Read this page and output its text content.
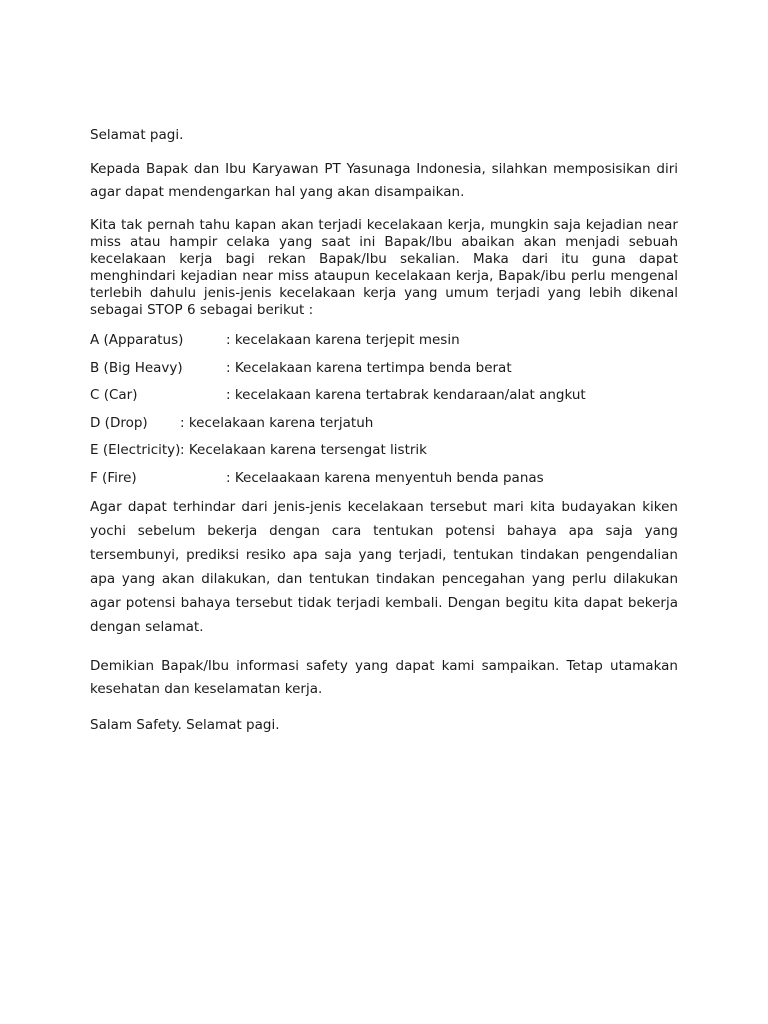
Selamat pagi.

Kepada Bapak dan Ibu Karyawan PT Yasunaga Indonesia, silahkan memposisikan diri agar dapat mendengarkan hal yang akan disampaikan.

Kita tak pernah tahu kapan akan terjadi kecelakaan kerja, mungkin saja kejadian near miss atau hampir celaka yang saat ini Bapak/Ibu abaikan akan menjadi sebuah kecelakaan kerja bagi rekan Bapak/Ibu sekalian. Maka dari itu guna dapat menghindari kejadian near miss ataupun kecelakaan kerja, Bapak/ibu perlu mengenal terlebih dahulu jenis-jenis kecelakaan kerja yang umum terjadi yang lebih dikenal sebagai STOP 6 sebagai berikut :

A (Apparatus)	: kecelakaan karena terjepit mesin
B (Big Heavy)	: Kecelakaan karena tertimpa benda berat
C (Car)	: kecelakaan karena tertabrak kendaraan/alat angkut
D (Drop) : kecelakaan karena terjatuh
E (Electricity): Kecelakaan karena tersengat listrik
F (Fire)	: Kecelaakaan karena menyentuh benda panas

Agar dapat terhindar dari jenis-jenis kecelakaan tersebut mari kita budayakan kiken yochi sebelum bekerja dengan cara tentukan potensi bahaya apa saja yang tersembunyi, prediksi resiko apa saja yang terjadi, tentukan tindakan pengendalian apa yang akan dilakukan, dan tentukan tindakan pencegahan yang perlu dilakukan agar potensi bahaya tersebut tidak terjadi kembali. Dengan begitu kita dapat bekerja dengan selamat.

Demikian Bapak/Ibu informasi safety yang dapat kami sampaikan. Tetap utamakan kesehatan dan keselamatan kerja.

Salam Safety. Selamat pagi.
